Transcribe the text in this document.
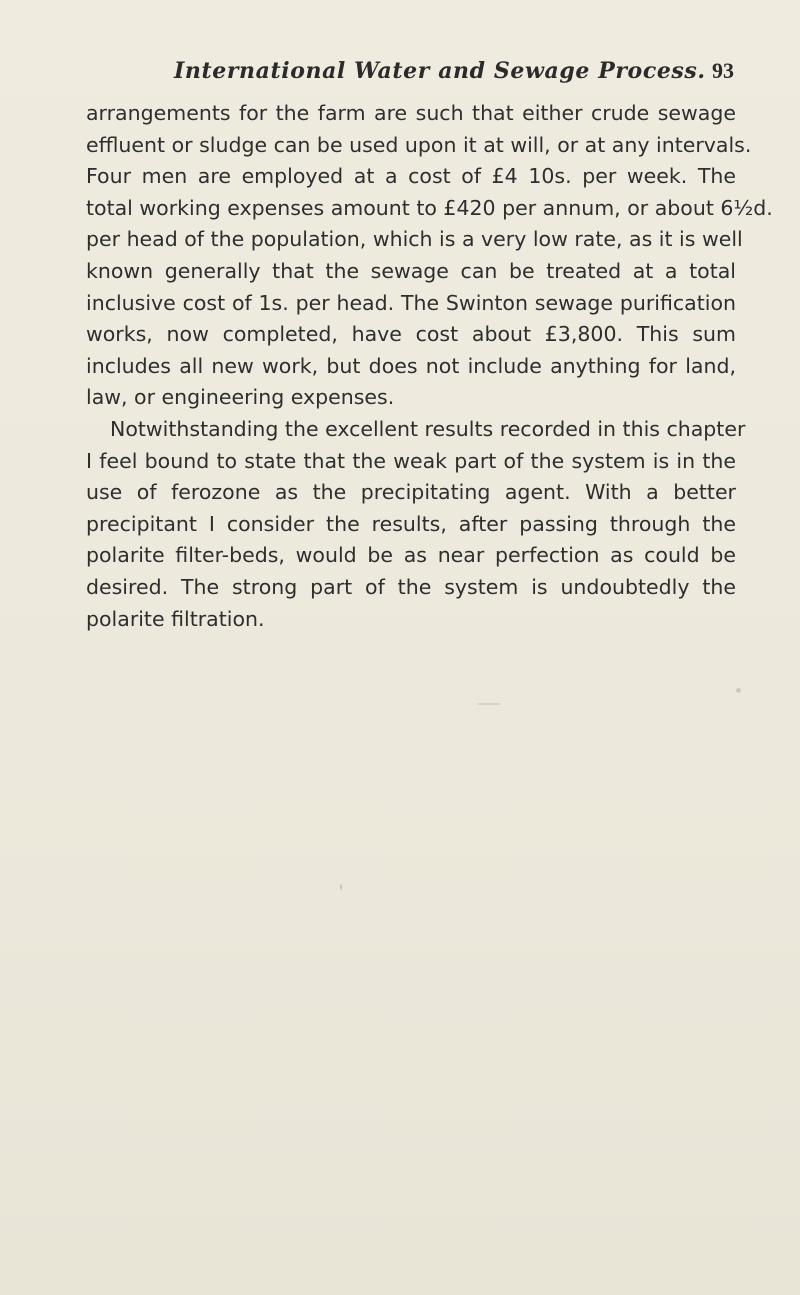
International Water and Sewage Process. 93
arrangements for the farm are such that either crude sewage
effluent or sludge can be used upon it at will, or at any intervals.
Four men are employed at a cost of £4 10s. per week. The
total working expenses amount to £420 per annum, or about 6½d.
per head of the population, which is a very low rate, as it is well
known generally that the sewage can be treated at a total
inclusive cost of 1s. per head. The Swinton sewage purification
works, now completed, have cost about £3,800. This sum
includes all new work, but does not include anything for land,
law, or engineering expenses.
Notwithstanding the excellent results recorded in this chapter
I feel bound to state that the weak part of the system is in the
use of ferozone as the precipitating agent. With a better
precipitant I consider the results, after passing through the
polarite filter-beds, would be as near perfection as could be
desired. The strong part of the system is undoubtedly the
polarite filtration.
